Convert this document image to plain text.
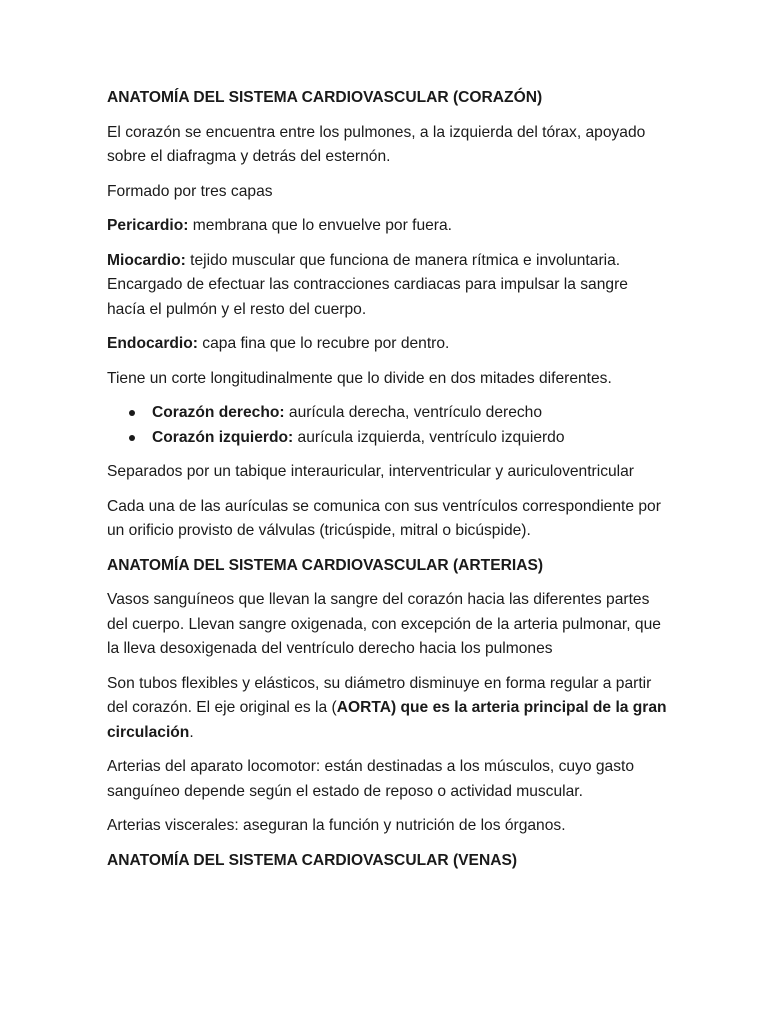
ANATOMÍA DEL SISTEMA CARDIOVASCULAR (CORAZÓN)

El corazón se encuentra entre los pulmones, a la izquierda del tórax, apoyado sobre el diafragma y detrás del esternón.

Formado por tres capas

Pericardio: membrana que lo envuelve por fuera.

Miocardio: tejido muscular que funciona de manera rítmica e involuntaria. Encargado de efectuar las contracciones cardiacas para impulsar la sangre hacía el pulmón y el resto del cuerpo.

Endocardio: capa fina que lo recubre por dentro.

Tiene un corte longitudinalmente que lo divide en dos mitades diferentes.

Corazón derecho: aurícula derecha, ventrículo derecho
Corazón izquierdo: aurícula izquierda, ventrículo izquierdo

Separados por un tabique interauricular, interventricular y auriculoventricular

Cada una de las aurículas se comunica con sus ventrículos correspondiente por un orificio provisto de válvulas (tricúspide, mitral o bicúspide).

ANATOMÍA DEL SISTEMA CARDIOVASCULAR (ARTERIAS)

Vasos sanguíneos que llevan la sangre del corazón hacia las diferentes partes del cuerpo. Llevan sangre oxigenada, con excepción de la arteria pulmonar, que la lleva desoxigenada del ventrículo derecho hacia los pulmones

Son tubos flexibles y elásticos, su diámetro disminuye en forma regular a partir del corazón. El eje original es la (AORTA) que es la arteria principal de la gran circulación.

Arterias del aparato locomotor: están destinadas a los músculos, cuyo gasto sanguíneo depende según el estado de reposo o actividad muscular.

Arterias viscerales: aseguran la función y nutrición de los órganos.

ANATOMÍA DEL SISTEMA CARDIOVASCULAR (VENAS)
